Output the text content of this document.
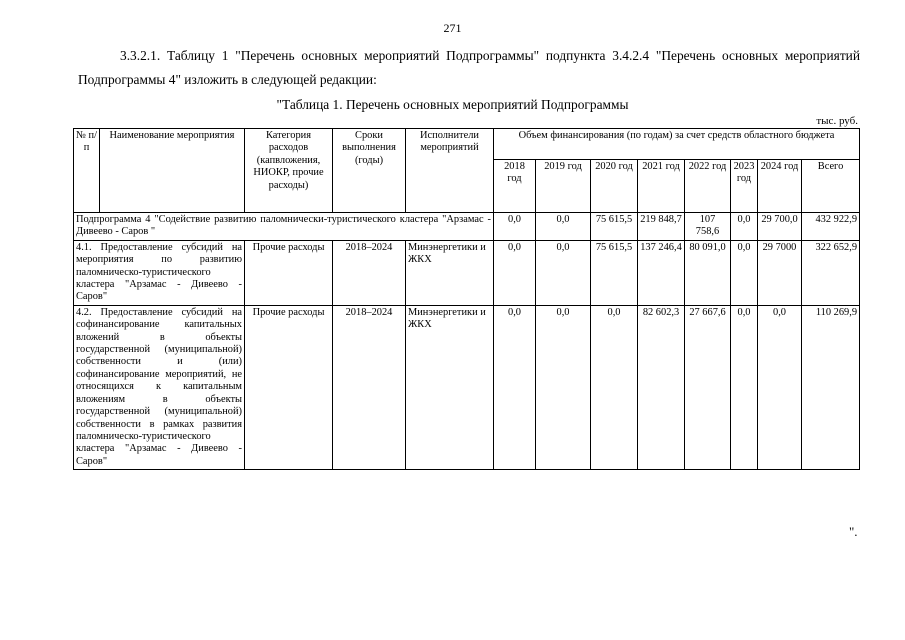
271

3.3.2.1. Таблицу 1 "Перечень основных мероприятий Подпрограммы" подпункта 3.4.2.4 "Перечень основных мероприятий Подпрограммы 4" изложить в следующей редакции:

"Таблица 1. Перечень основных мероприятий Подпрограммы
тыс. руб.
№ п/п	Наименование мероприятия	Категория расходов (капвложения, НИОКР, прочие расходы)	Сроки выполнения (годы)	Исполнители мероприятий	Объем финансирования (по годам) за счет средств областного бюджета							
					2018 год	2019 год	2020 год	2021 год	2022 год	2023 год	2024 год	Всего
Подпрограмма 4 "Содействие развитию паломнически-туристического кластера "Арзамас - Дивеево - Саров "					0,0	0,0	75 615,5	219 848,7	107 758,6	0,0	29 700,0	432 922,9
4.1. Предоставление субсидий на мероприятия по развитию паломническо-туристического кластера "Арзамас - Дивеево - Саров"		Прочие расходы	2018–2024	Минэнергетики и ЖКХ	0,0	0,0	75 615,5	137 246,4	80 091,0	0,0	29 7000	322 652,9
4.2. Предоставление субсидий на софинансирование капитальных вложений в объекты государственной (муниципальной) собственности и (или) софинансирование мероприятий, не относящихся к капитальным вложениям в объекты государственной (муниципальной) собственности в рамках развития паломническо-туристического кластера "Арзамас - Дивеево - Саров"		Прочие расходы	2018–2024	Минэнергетики и ЖКХ	0,0	0,0	0,0	82 602,3	27 667,6	0,0	0,0	110 269,9
".
